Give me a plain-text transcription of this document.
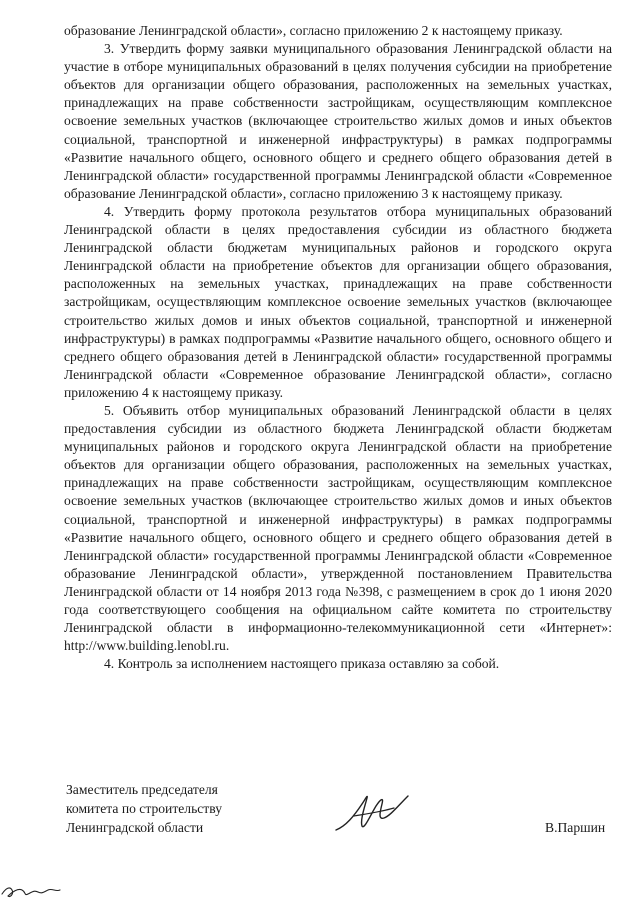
образование Ленинградской области», согласно приложению 2 к настоящему приказу.

3. Утвердить форму заявки муниципального образования Ленинградской области на участие в отборе муниципальных образований в целях получения субсидии на приобретение объектов для организации общего образования, расположенных на земельных участках, принадлежащих на праве собственности застройщикам, осуществляющим комплексное освоение земельных участков (включающее строительство жилых домов и иных объектов социальной, транспортной и инженерной инфраструктуры) в рамках подпрограммы «Развитие начального общего, основного общего и среднего общего образования детей в Ленинградской области» государственной программы Ленинградской области «Современное образование Ленинградской области», согласно приложению 3 к настоящему приказу.

4. Утвердить форму протокола результатов отбора муниципальных образований Ленинградской области в целях предоставления субсидии из областного бюджета Ленинградской области бюджетам муниципальных районов и городского округа Ленинградской области на приобретение объектов для организации общего образования, расположенных на земельных участках, принадлежащих на праве собственности застройщикам, осуществляющим комплексное освоение земельных участков (включающее строительство жилых домов и иных объектов социальной, транспортной и инженерной инфраструктуры) в рамках подпрограммы «Развитие начального общего, основного общего и среднего общего образования детей в Ленинградской области» государственной программы Ленинградской области «Современное образование Ленинградской области», согласно приложению 4 к настоящему приказу.

5. Объявить отбор муниципальных образований Ленинградской области в целях предоставления субсидии из областного бюджета Ленинградской области бюджетам муниципальных районов и городского округа Ленинградской области на приобретение объектов для организации общего образования, расположенных на земельных участках, принадлежащих на праве собственности застройщикам, осуществляющим комплексное освоение земельных участков (включающее строительство жилых домов и иных объектов социальной, транспортной и инженерной инфраструктуры) в рамках подпрограммы «Развитие начального общего, основного общего и среднего общего образования детей в Ленинградской области» государственной программы Ленинградской области «Современное образование Ленинградской области», утвержденной постановлением Правительства Ленинградской области от 14 ноября 2013 года №398, с размещением в срок до 1 июня 2020 года соответствующего сообщения на официальном сайте комитета по строительству Ленинградской области в информационно-телекоммуникационной сети «Интернет»: http://www.building.lenobl.ru.

4. Контроль за исполнением настоящего приказа оставляю за собой.

Заместитель председателя
комитета по строительству
Ленинградской области	В.Паршин
